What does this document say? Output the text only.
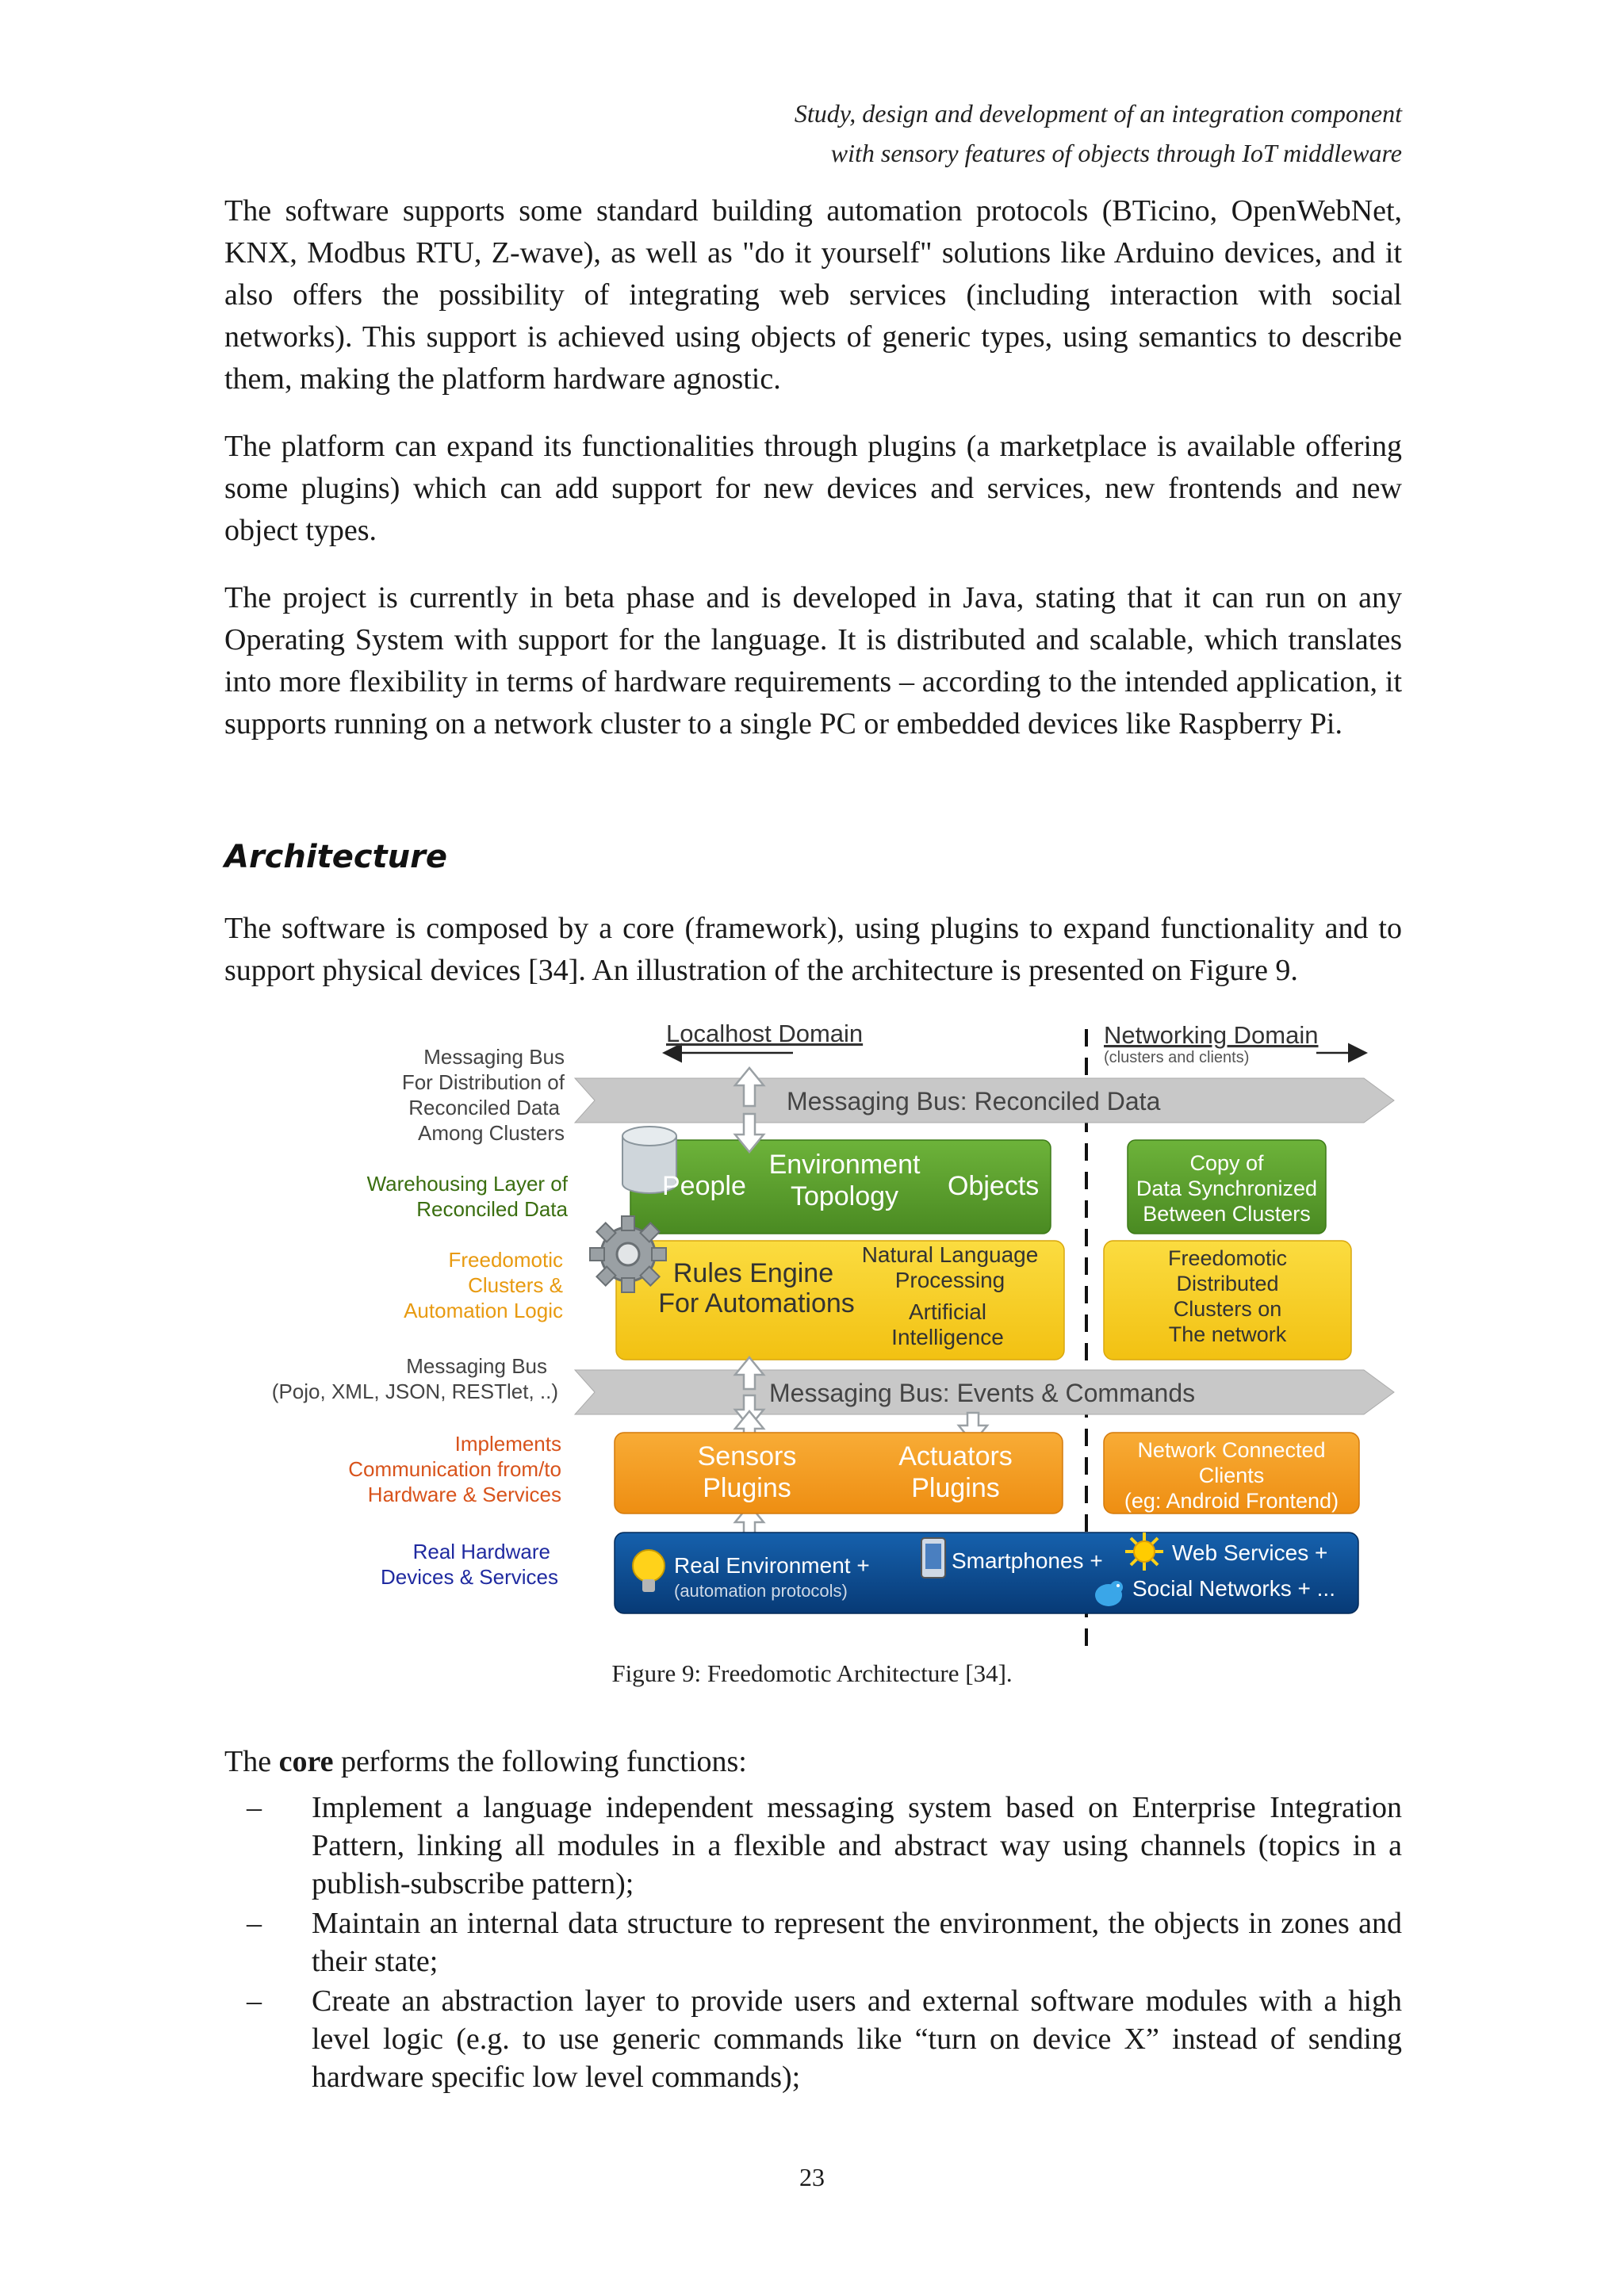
Study, design and development of an integration component
with sensory features of objects through IoT middleware
The software supports some standard building automation protocols (BTicino, OpenWebNet, KNX, Modbus RTU, Z-wave), as well as "do it yourself" solutions like Arduino devices, and it also offers the possibility of integrating web services (including interaction with social networks). This support is achieved using objects of generic types, using semantics to describe them, making the platform hardware agnostic.
The platform can expand its functionalities through plugins (a marketplace is available offering some plugins) which can add support for new devices and services, new frontends and new object types.
The project is currently in beta phase and is developed in Java, stating that it can run on any Operating System with support for the language. It is distributed and scalable, which translates into more flexibility in terms of hardware requirements – according to the intended application, it supports running on a network cluster to a single PC or embedded devices like Raspberry Pi.
Architecture
The software is composed by a core (framework), using plugins to expand functionality and to support physical devices [34]. An illustration of the architecture is presented on Figure 9.
Localhost Domain	Networking Domain
(clusters and clients)
Messaging Bus
For Distribution of
Reconciled Data
Among Clusters
Warehousing Layer of
Reconciled Data
Freedomotic
Clusters &
Automation Logic
Messaging Bus
(Pojo, XML, JSON, RESTlet, ..)
Implements
Communication from/to
Hardware & Services
Real Hardware
Devices & Services
Messaging Bus: Reconciled Data
People
Environment
Topology Objects
Copy of
Data Synchronized
Between Clusters
Rules Engine
For Automations
Natural Language
Processing
Artificial
Intelligence
Freedomotic
Distributed
Clusters on
The network
Messaging Bus: Events & Commands
Sensors
Plugins
Actuators
Plugins
Network Connected
Clients
(eg: Android Frontend)
Real Environment +
(automation protocols)
Smartphones +	Web Services +
Social Networks + ...
Figure 9: Freedomotic Architecture [34].
The core performs the following functions:
– Implement a language independent messaging system based on Enterprise Integration Pattern, linking all modules in a flexible and abstract way using channels (topics in a publish-subscribe pattern);
– Maintain an internal data structure to represent the environment, the objects in zones and their state;
– Create an abstraction layer to provide users and external software modules with a high level logic (e.g. to use generic commands like “turn on device X” instead of sending hardware specific low level commands);
23
